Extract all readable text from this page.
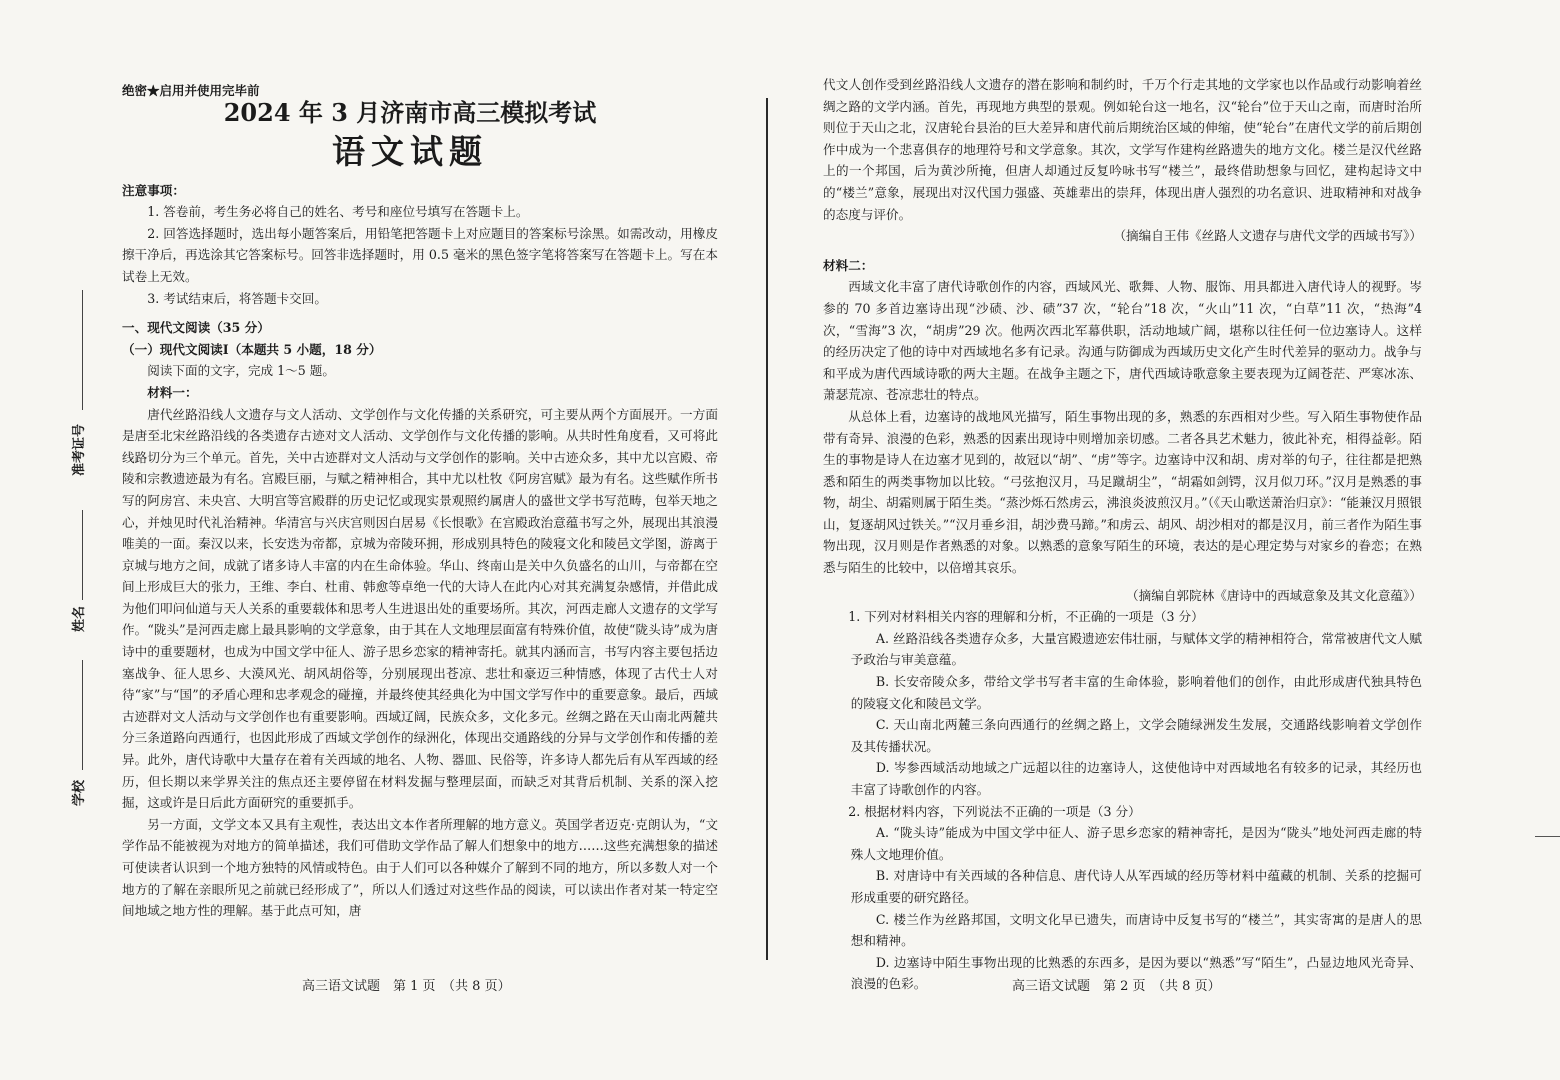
准考证号
姓名
学校
绝密★启用并使用完毕前
2024 年 3 月济南市高三模拟考试
语文试题
注意事项：

1. 答卷前，考生务必将自己的姓名、考号和座位号填写在答题卡上。

2. 回答选择题时，选出每小题答案后，用铅笔把答题卡上对应题目的答案标号涂黑。如需改动，用橡皮擦干净后，再选涂其它答案标号。回答非选择题时，用 0.5 毫米的黑色签字笔将答案写在答题卡上。写在本试卷上无效。

3. 考试结束后，将答题卡交回。

一、现代文阅读（35 分）
（一）现代文阅读Ⅰ（本题共 5 小题，18 分）

阅读下面的文字，完成 1～5 题。

材料一：

唐代丝路沿线人文遗存与文人活动、文学创作与文化传播的关系研究，可主要从两个方面展开。一方面是唐至北宋丝路沿线的各类遗存古迹对文人活动、文学创作与文化传播的影响。从共时性角度看，又可将此线路切分为三个单元。首先，关中古迹群对文人活动与文学创作的影响。关中古迹众多，其中尤以宫殿、帝陵和宗教遗迹最为有名。宫殿巨丽，与赋之精神相合，其中尤以杜牧《阿房宫赋》最为有名。这些赋作所书写的阿房宫、未央宫、大明宫等宫殿群的历史记忆或现实景观照约属唐人的盛世文学书写范畴，包举天地之心，并烛见时代礼治精神。华清宫与兴庆宫则因白居易《长恨歌》在宫殿政治意蕴书写之外，展现出其浪漫唯美的一面。秦汉以来，长安迭为帝都，京城为帝陵环拥，形成别具特色的陵寝文化和陵邑文学图，游离于京城与地方之间，成就了诸多诗人丰富的内在生命体验。华山、终南山是关中久负盛名的山川，与帝都在空间上形成巨大的张力，王维、李白、杜甫、韩愈等卓绝一代的大诗人在此内心对其充满复杂感情，并借此成为他们叩问仙道与天人关系的重要载体和思考人生进退出处的重要场所。其次，河西走廊人文遗存的文学写作。“陇头”是河西走廊上最具影响的文学意象，由于其在人文地理层面富有特殊价值，故使“陇头诗”成为唐诗中的重要题材，也成为中国文学中征人、游子思乡恋家的精神寄托。就其内涵而言，书写内容主要包括边塞战争、征人思乡、大漠风光、胡风胡俗等，分别展现出苍凉、悲壮和豪迈三种情感，体现了古代士人对待“家”与“国”的矛盾心理和忠孝观念的碰撞，并最终使其经典化为中国文学写作中的重要意象。最后，西域古迹群对文人活动与文学创作也有重要影响。西域辽阔，民族众多，文化多元。丝绸之路在天山南北两麓共分三条道路向西通行，也因此形成了西域文学创作的绿洲化，体现出交通路线的分异与文学创作和传播的差异。此外，唐代诗歌中大量存在着有关西域的地名、人物、器皿、民俗等，许多诗人都先后有从军西域的经历，但长期以来学界关注的焦点还主要停留在材料发掘与整理层面，而缺乏对其背后机制、关系的深入挖掘，这或许是日后此方面研究的重要抓手。

另一方面，文学文本又具有主观性，表达出文本作者所理解的地方意义。英国学者迈克·克朗认为，“文学作品不能被视为对地方的简单描述，我们可借助文学作品了解人们想象中的地方……这些充满想象的描述可使读者认识到一个地方独特的风情或特色。由于人们可以各种媒介了解到不同的地方，所以多数人对一个地方的了解在亲眼所见之前就已经形成了”，所以人们透过对这些作品的阅读，可以读出作者对某一特定空间地域之地方性的理解。基于此点可知，唐

高三语文试题　第 1 页　（共 8 页）

代文人创作受到丝路沿线人文遗存的潜在影响和制约时，千万个行走其地的文学家也以作品或行动影响着丝绸之路的文学内涵。首先，再现地方典型的景观。例如轮台这一地名，汉“轮台”位于天山之南，而唐时治所则位于天山之北，汉唐轮台县治的巨大差异和唐代前后期统治区域的伸缩，使“轮台”在唐代文学的前后期创作中成为一个悲喜俱存的地理符号和文学意象。其次，文学写作建构丝路遗失的地方文化。楼兰是汉代丝路上的一个邦国，后为黄沙所掩，但唐人却通过反复吟咏书写“楼兰”，最终借助想象与回忆，建构起诗文中的“楼兰”意象，展现出对汉代国力强盛、英雄辈出的崇拜，体现出唐人强烈的功名意识、进取精神和对战争的态度与评价。

（摘编自王伟《丝路人文遗存与唐代文学的西域书写》）
材料二：

西域文化丰富了唐代诗歌创作的内容，西域风光、歌舞、人物、服饰、用具都进入唐代诗人的视野。岑参的 70 多首边塞诗出现“沙碛、沙、碛”37 次，“轮台”18 次，“火山”11 次，“白草”11 次，“热海”4 次，“雪海”3 次，“胡虏”29 次。他两次西北军幕供职，活动地域广阔，堪称以往任何一位边塞诗人。这样的经历决定了他的诗中对西域地名多有记录。沟通与防御成为西域历史文化产生时代差异的驱动力。战争与和平成为唐代西域诗歌的两大主题。在战争主题之下，唐代西域诗歌意象主要表现为辽阔苍茫、严寒冰冻、萧瑟荒凉、苍凉悲壮的特点。

从总体上看，边塞诗的战地风光描写，陌生事物出现的多，熟悉的东西相对少些。写入陌生事物使作品带有奇异、浪漫的色彩，熟悉的因素出现诗中则增加亲切感。二者各具艺术魅力，彼此补充，相得益彰。陌生的事物是诗人在边塞才见到的，故冠以“胡”、“虏”等字。边塞诗中汉和胡、虏对举的句子，往往都是把熟悉和陌生的两类事物加以比较。“弓弦抱汉月，马足蹴胡尘”，“胡霜如剑锷，汉月似刀环。”汉月是熟悉的事物，胡尘、胡霜则属于陌生类。“蒸沙烁石然虏云，沸浪炎波煎汉月。”（《天山歌送萧治归京》：“能兼汉月照银山，复逐胡风过铁关。”“汉月垂乡泪，胡沙费马蹄。”和虏云、胡风、胡沙相对的都是汉月，前三者作为陌生事物出现，汉月则是作者熟悉的对象。以熟悉的意象写陌生的环境，表达的是心理定势与对家乡的眷恋；在熟悉与陌生的比较中，以倍增其哀乐。

（摘编自郭院林《唐诗中的西域意象及其文化意蕴》）

1. 下列对材料相关内容的理解和分析，不正确的一项是（3 分）

A. 丝路沿线各类遗存众多，大量宫殿遗迹宏伟壮丽，与赋体文学的精神相符合，常常被唐代文人赋予政治与审美意蕴。

B. 长安帝陵众多，带给文学书写者丰富的生命体验，影响着他们的创作，由此形成唐代独具特色的陵寝文化和陵邑文学。

C. 天山南北两麓三条向西通行的丝绸之路上，文学会随绿洲发生发展，交通路线影响着文学创作及其传播状况。

D. 岑参西域活动地域之广远超以往的边塞诗人，这使他诗中对西域地名有较多的记录，其经历也丰富了诗歌创作的内容。

2. 根据材料内容，下列说法不正确的一项是（3 分）

A. “陇头诗”能成为中国文学中征人、游子思乡恋家的精神寄托，是因为“陇头”地处河西走廊的特殊人文地理价值。

B. 对唐诗中有关西域的各种信息、唐代诗人从军西域的经历等材料中蕴藏的机制、关系的挖掘可形成重要的研究路径。

C. 楼兰作为丝路邦国，文明文化早已遗失，而唐诗中反复书写的“楼兰”，其实寄寓的是唐人的思想和精神。

D. 边塞诗中陌生事物出现的比熟悉的东西多，是因为要以“熟悉”写“陌生”，凸显边地风光奇异、浪漫的色彩。	高三语文试题　第 2 页　（共 8 页）
